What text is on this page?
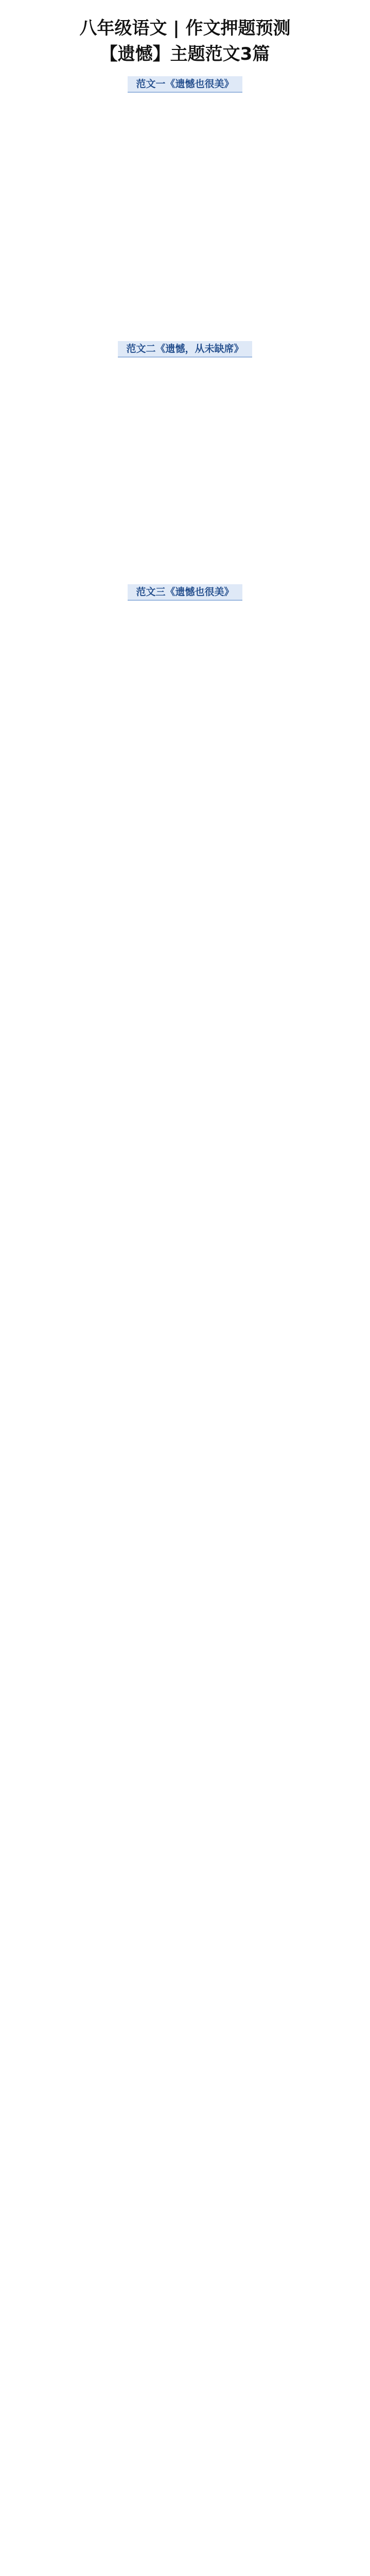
八年级语文 | 作文押题预测
【遗憾】主题范文3篇
范文一《遗憾也很美》

范文二《遗憾，从未缺席》

范文三《遗憾也很美》
